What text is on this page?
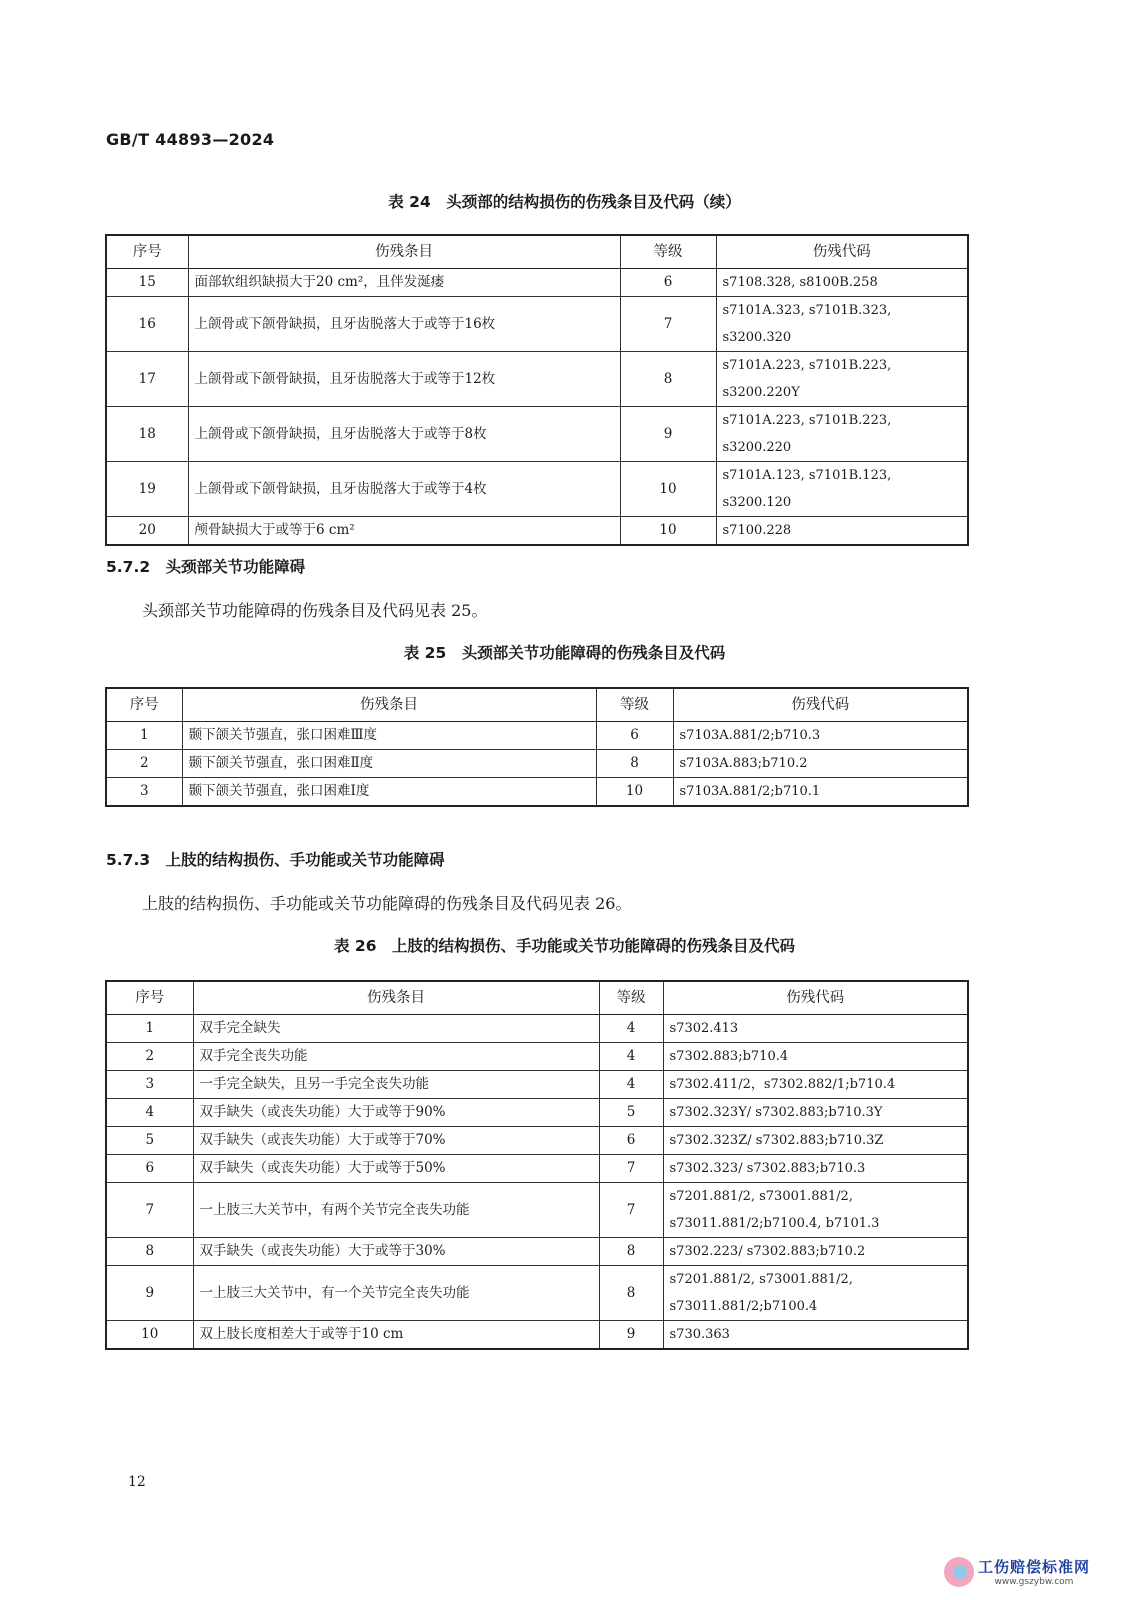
GB/T 44893—2024
表 24　头颈部的结构损伤的伤残条目及代码（续）
序号	伤残条目	等级	伤残代码
15	面部软组织缺损大于20 cm²，且伴发涎瘘	6	s7108.328, s8100B.258

16	上颌骨或下颌骨缺损，且牙齿脱落大于或等于16枚	7	s7101A.323, s7101B.323,
s3200.320

17	上颌骨或下颌骨缺损，且牙齿脱落大于或等于12枚	8	s7101A.223, s7101B.223,
s3200.220Y

18	上颌骨或下颌骨缺损，且牙齿脱落大于或等于8枚	9	s7101A.223, s7101B.223, s3200.220

19	上颌骨或下颌骨缺损，且牙齿脱落大于或等于4枚	10	s7101A.123, s7101B.123,
s3200.120

20	颅骨缺损大于或等于6 cm²	10	s7100.228
5.7.2　头颈部关节功能障碍
头颈部关节功能障碍的伤残条目及代码见表 25。
表 25　头颈部关节功能障碍的伤残条目及代码
序号	伤残条目	等级	伤残代码
1	颞下颌关节强直，张口困难Ⅲ度	6	s7103A.881/2;b710.3

2	颞下颌关节强直，张口困难Ⅱ度	8	s7103A.883;b710.2

3	颞下颌关节强直，张口困难Ⅰ度	10	s7103A.881/2;b710.1
5.7.3　上肢的结构损伤、手功能或关节功能障碍
上肢的结构损伤、手功能或关节功能障碍的伤残条目及代码见表 26。
表 26　上肢的结构损伤、手功能或关节功能障碍的伤残条目及代码
序号	伤残条目	等级	伤残代码
1	双手完全缺失	4	s7302.413

2	双手完全丧失功能	4	s7302.883;b710.4

3	一手完全缺失，且另一手完全丧失功能	4	s7302.411/2，s7302.882/1;b710.4

4	双手缺失（或丧失功能）大于或等于90%	5	s7302.323Y/ s7302.883;b710.3Y

5	双手缺失（或丧失功能）大于或等于70%	6	s7302.323Z/ s7302.883;b710.3Z

6	双手缺失（或丧失功能）大于或等于50%	7	s7302.323/ s7302.883;b710.3

7	一上肢三大关节中，有两个关节完全丧失功能	7	s7201.881/2, s73001.881/2,
s73011.881/2;b7100.4, b7101.3

8	双手缺失（或丧失功能）大于或等于30%	8	s7302.223/ s7302.883;b710.2

9	一上肢三大关节中，有一个关节完全丧失功能	8	s7201.881/2, s73001.881/2,
s73011.881/2;b7100.4

10	双上肢长度相差大于或等于10 cm	9	s730.363
12
工伤赔偿标准网
www.gszybw.com
